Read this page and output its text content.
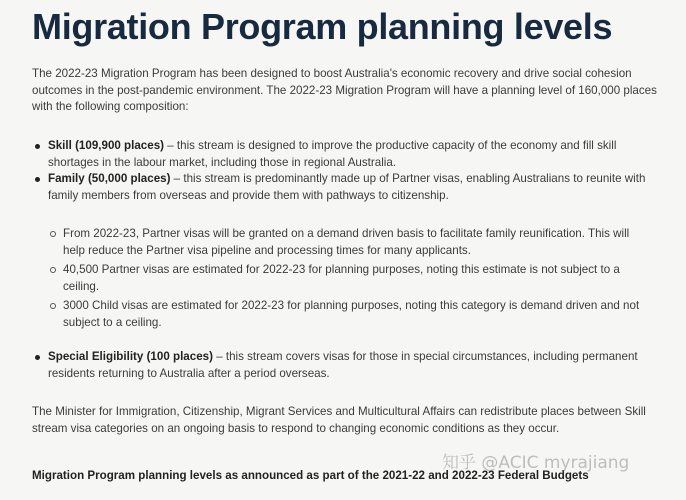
Migration Program planning levels
The 2022-23 Migration Program has been designed to boost Australia's economic recovery and drive social cohesion outcomes in the post-pandemic environment. The 2022-23 Migration Program will have a planning level of 160,000 places with the following composition:
Skill (109,900 places) – this stream is designed to improve the productive capacity of the economy and fill skill shortages in the labour market, including those in regional Australia.
Family (50,000 places) – this stream is predominantly made up of Partner visas, enabling Australians to reunite with family members from overseas and provide them with pathways to citizenship.
From 2022-23, Partner visas will be granted on a demand driven basis to facilitate family reunification. This will help reduce the Partner visa pipeline and processing times for many applicants.
40,500 Partner visas are estimated for 2022-23 for planning purposes, noting this estimate is not subject to a ceiling.
3000 Child visas are estimated for 2022-23 for planning purposes, noting this category is demand driven and not subject to a ceiling.
Special Eligibility (100 places) – this stream covers visas for those in special circumstances, including permanent residents returning to Australia after a period overseas.
The Minister for Immigration, Citizenship, Migrant Services and Multicultural Affairs can redistribute places between Skill stream visa categories on an ongoing basis to respond to changing economic conditions as they occur.
Migration Program planning levels as announced as part of the 2021-22 and 2022-23 Federal Budgets
知乎 @ACIC myrajiang
